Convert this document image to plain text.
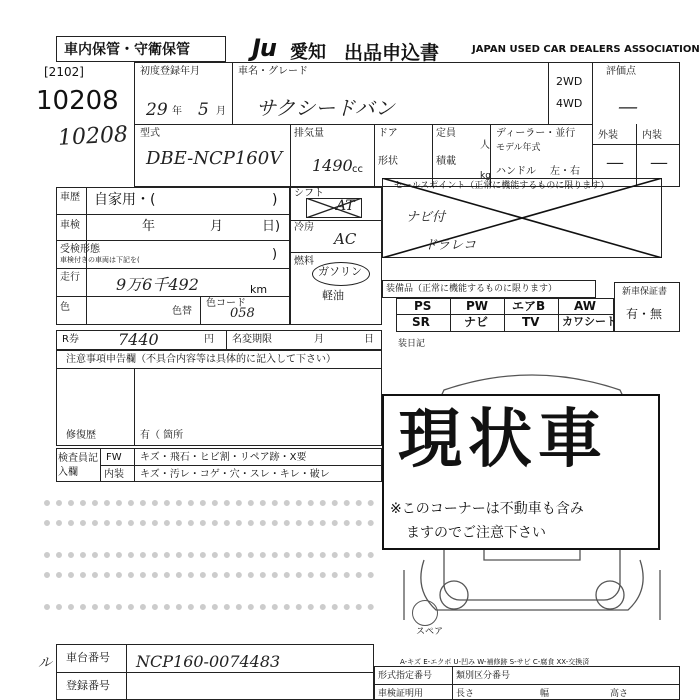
車内保管・守衛保管	Ju 愛知 出品申込書	JAPAN USED CAR DEALERS ASSOCIATION
[2102]
10208
10208
初度登録年月
29 年 5 月
車名・グレード
サクシードバン
2WD
4WD
評価点
—
型式
DBE-NCP160V
排気量
1490 cc
ドア
形状
定員
人
積載
kg
ディーラー・並行
モデル年式
ハンドル 左・右
外装 内装
— —
車歴 自家用・(	)
車検	年	月	日)
受検形態
車検付きの車両は下記を(	)
走行 9万6千492	km
色	色替
色コード
058
シフト
AT
冷房
AC
燃料
ガソリン
軽油
セールスポイント（正常に機能するものに限ります）
ナビ付
ドラレコ
装備品（正常に機能するものに限ります）
PS	PW エアB AW
SR	ナビ	TV カワシート
新車保証書
有・無
装日記
R券 7440	円 名変期限	月	日
注意事項申告欄（不具合内容等は具体的に記入して下さい）
修復歴	有（ 箇所
検査員記入欄
FW キズ・飛石・ヒビ割・リペア跡・X要
内装 キズ・汚レ・コゲ・穴・スレ・キレ・破レ
スペア
A-キズ E-エクボ U-凹み W-補修跡 S-サビ C-腐食 XX-交換済
現状車
※このコーナーは不動車も含み
ますのでご注意下さい
車台番号 NCP160-0074483
登録番号
ル
形式指定番号	類別区分番号
車検証明用	長さ	幅	高さ
